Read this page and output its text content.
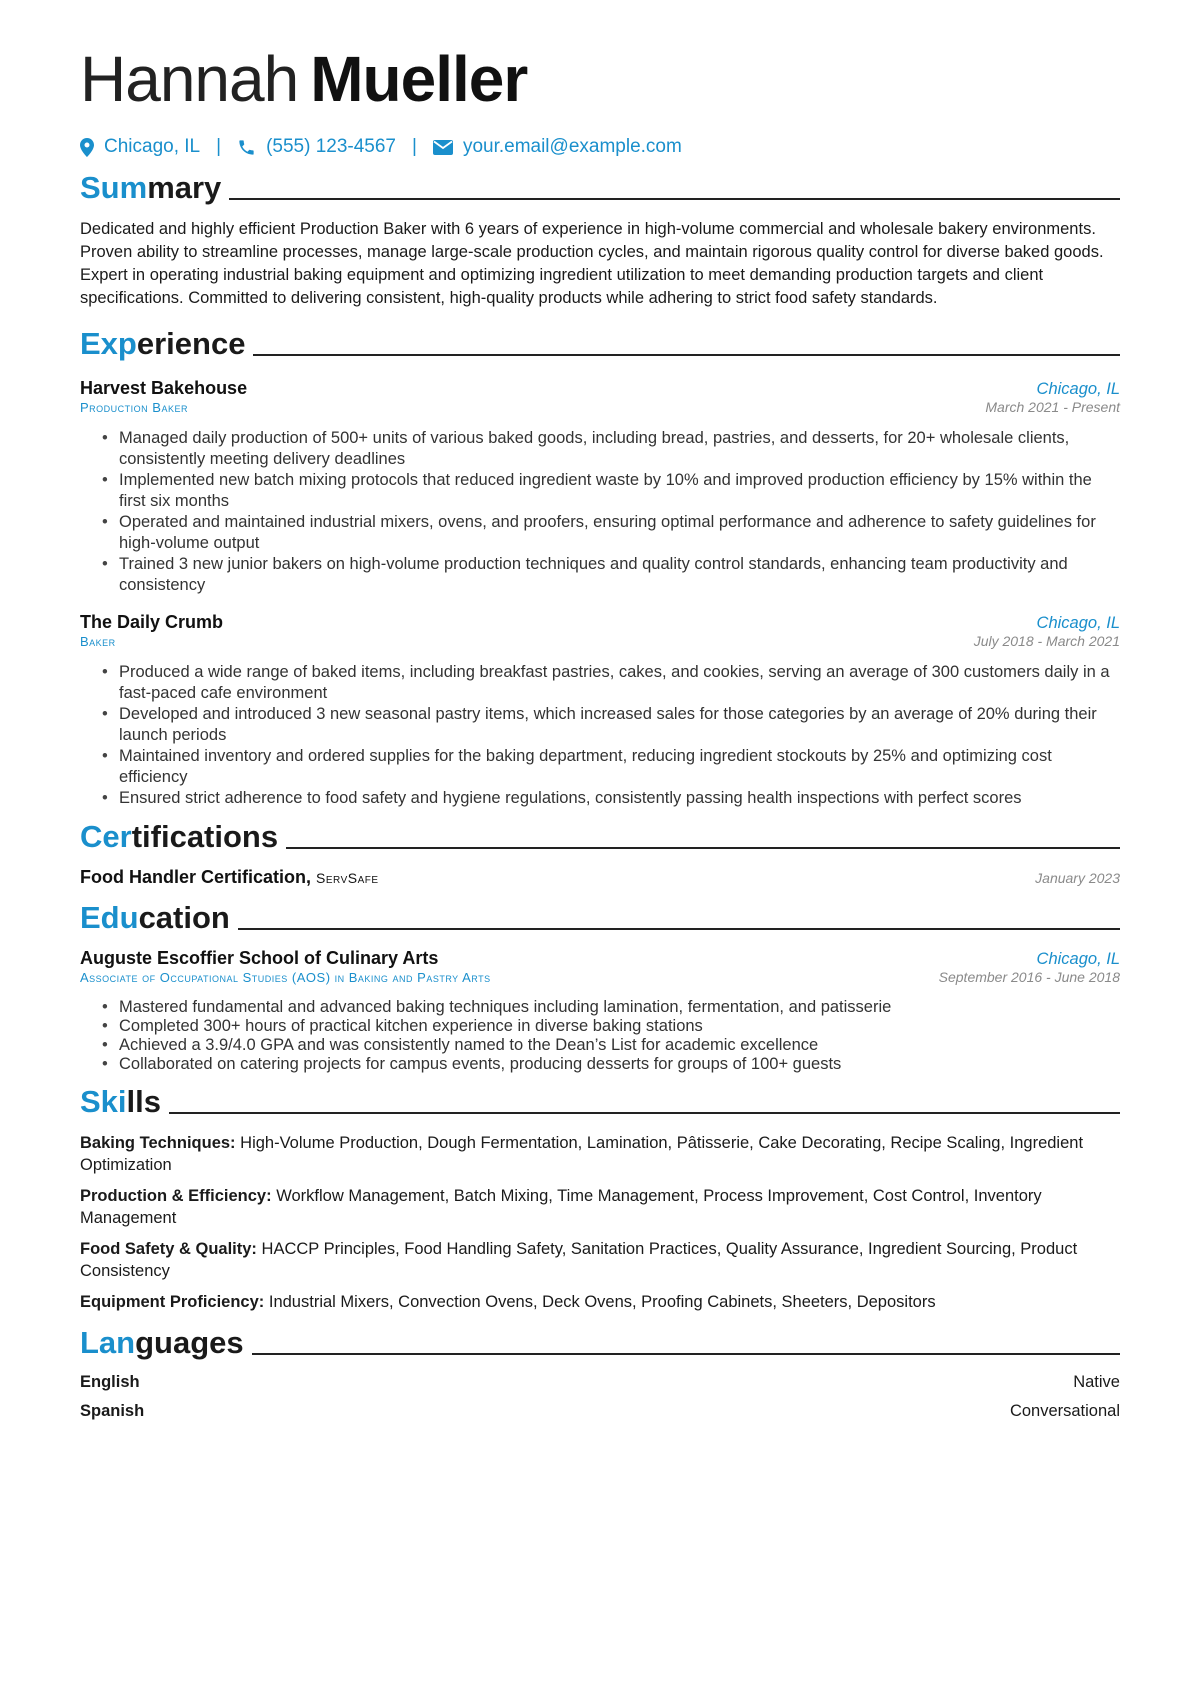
Hannah Mueller
Chicago, IL | (555) 123-4567 | your.email@example.com
Summary
Dedicated and highly efficient Production Baker with 6 years of experience in high-volume commercial and wholesale bakery environments. Proven ability to streamline processes, manage large-scale production cycles, and maintain rigorous quality control for diverse baked goods. Expert in operating industrial baking equipment and optimizing ingredient utilization to meet demanding production targets and client specifications. Committed to delivering consistent, high-quality products while adhering to strict food safety standards.
Experience
Harvest Bakehouse	Chicago, IL
Production Baker	March 2021 - Present
• Managed daily production of 500+ units of various baked goods, including bread, pastries, and desserts, for 20+ wholesale clients, consistently meeting delivery deadlines
• Implemented new batch mixing protocols that reduced ingredient waste by 10% and improved production efficiency by 15% within the first six months
• Operated and maintained industrial mixers, ovens, and proofers, ensuring optimal performance and adherence to safety guidelines for high-volume output
• Trained 3 new junior bakers on high-volume production techniques and quality control standards, enhancing team productivity and consistency
The Daily Crumb	Chicago, IL
Baker	July 2018 - March 2021
• Produced a wide range of baked items, including breakfast pastries, cakes, and cookies, serving an average of 300 customers daily in a fast-paced cafe environment
• Developed and introduced 3 new seasonal pastry items, which increased sales for those categories by an average of 20% during their launch periods
• Maintained inventory and ordered supplies for the baking department, reducing ingredient stockouts by 25% and optimizing cost efficiency
• Ensured strict adherence to food safety and hygiene regulations, consistently passing health inspections with perfect scores
Certifications
Food Handler Certification, ServSafe	January 2023
Education
Auguste Escoffier School of Culinary Arts	Chicago, IL
Associate of Occupational Studies (AOS) in Baking and Pastry Arts	September 2016 - June 2018
• Mastered fundamental and advanced baking techniques including lamination, fermentation, and patisserie
• Completed 300+ hours of practical kitchen experience in diverse baking stations
• Achieved a 3.9/4.0 GPA and was consistently named to the Dean’s List for academic excellence
• Collaborated on catering projects for campus events, producing desserts for groups of 100+ guests
Skills
Baking Techniques: High-Volume Production, Dough Fermentation, Lamination, Pâtisserie, Cake Decorating, Recipe Scaling, Ingredient Optimization
Production & Efficiency: Workflow Management, Batch Mixing, Time Management, Process Improvement, Cost Control, Inventory Management
Food Safety & Quality: HACCP Principles, Food Handling Safety, Sanitation Practices, Quality Assurance, Ingredient Sourcing, Product Consistency
Equipment Proficiency: Industrial Mixers, Convection Ovens, Deck Ovens, Proofing Cabinets, Sheeters, Depositors
Languages
English	Native
Spanish	Conversational
